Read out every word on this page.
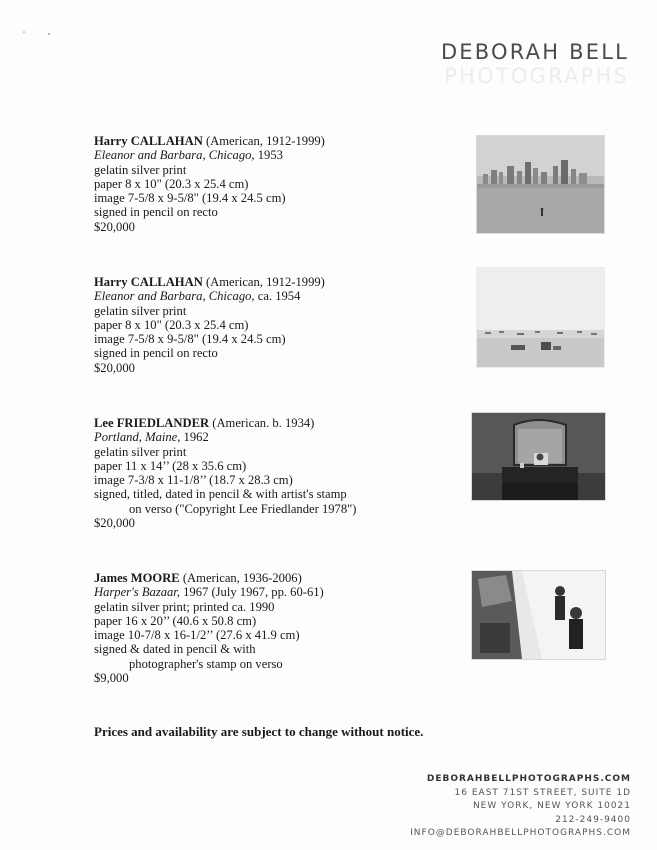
DEBORAH BELL
PHOTOGRAPHS
Harry CALLAHAN (American, 1912-1999)
Eleanor and Barbara, Chicago, 1953
gelatin silver print
paper 8 x 10" (20.3 x 25.4 cm)
image 7-5/8 x 9-5/8" (19.4 x 24.5 cm)
signed in pencil on recto
$20,000
Harry CALLAHAN (American, 1912-1999)
Eleanor and Barbara, Chicago, ca. 1954
gelatin silver print
paper 8 x 10" (20.3 x 25.4 cm)
image 7-5/8 x 9-5/8" (19.4 x 24.5 cm)
signed in pencil on recto
$20,000
Lee FRIEDLANDER (American. b. 1934)
Portland, Maine, 1962
gelatin silver print
paper 11 x 14’’ (28 x 35.6 cm)
image 7-3/8 x 11-1/8’’ (18.7 x 28.3 cm)
signed, titled, dated in pencil & with artist's stamp
on verso ("Copyright Lee Friedlander 1978")
$20,000
James MOORE (American, 1936-2006)
Harper's Bazaar, 1967 (July 1967, pp. 60-61)
gelatin silver print; printed ca. 1990
paper 16 x 20’’ (40.6 x 50.8 cm)
image 10-7/8 x 16-1/2’’ (27.6 x 41.9 cm)
signed & dated in pencil & with
photographer's stamp on verso
$9,000
Prices and availability are subject to change without notice.
DEBORAHBELLPHOTOGRAPHS.COM
16 EAST 71ST STREET, SUITE 1D
NEW YORK, NEW YORK 10021
212-249-9400
INFO@DEBORAHBELLPHOTOGRAPHS.COM
